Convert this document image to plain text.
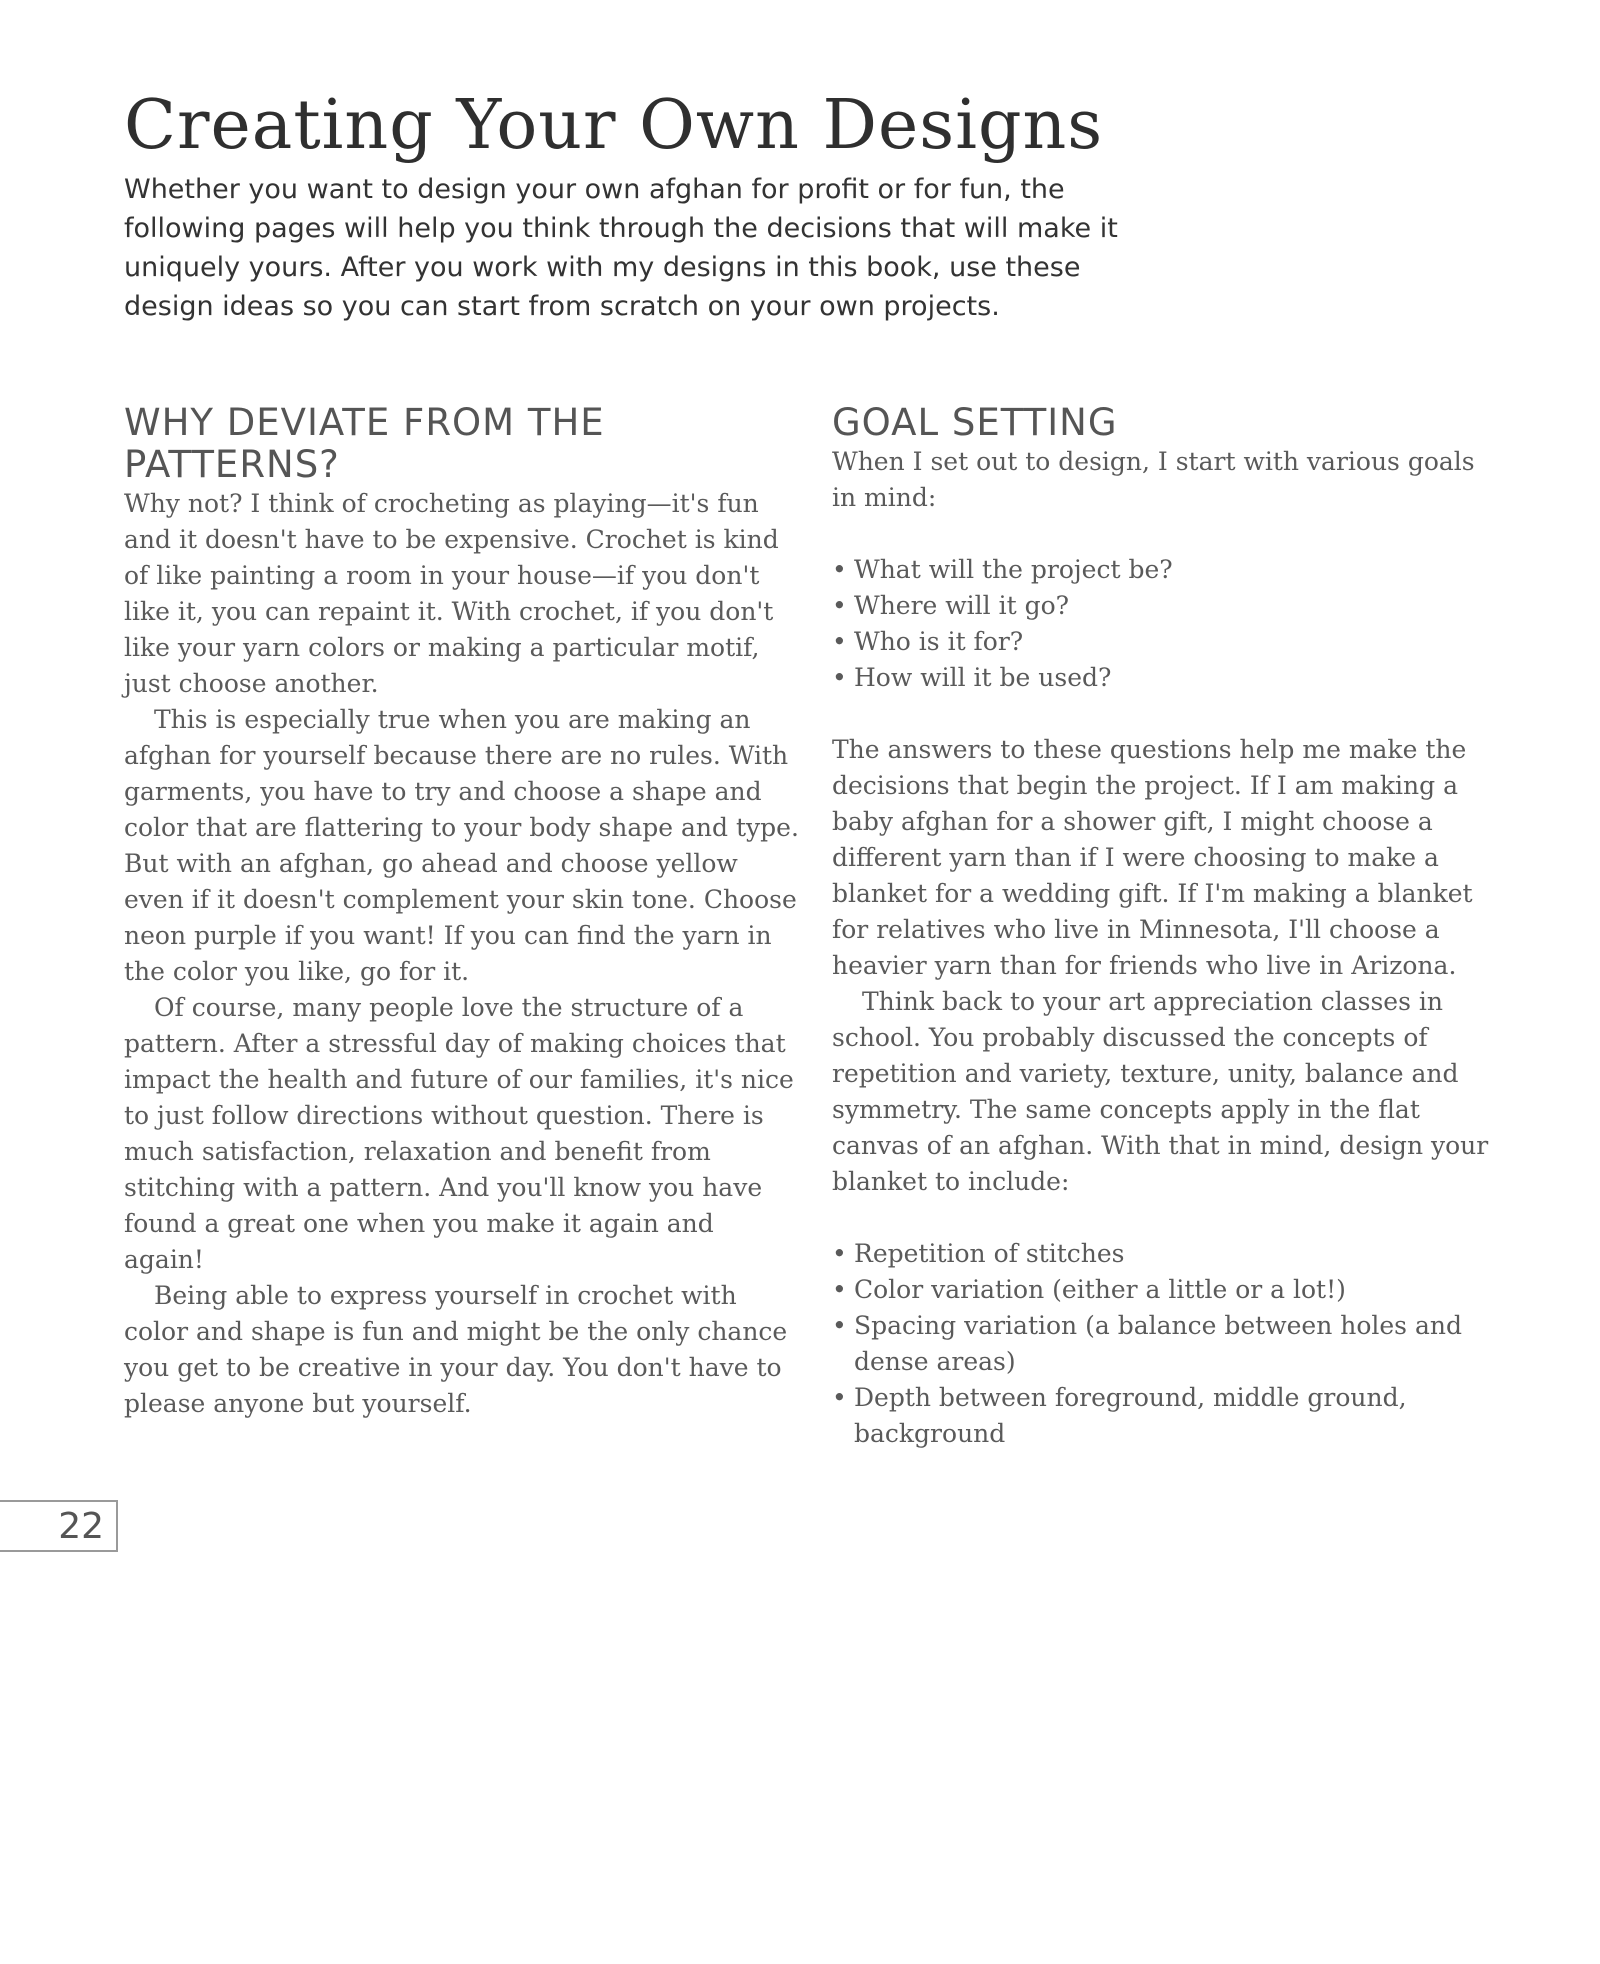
Creating Your Own Designs

Whether you want to design your own afghan for profit or for fun, the following pages will help you think through the decisions that will make it uniquely yours. After you work with my designs in this book, use these design ideas so you can start from scratch on your own projects.

WHY DEVIATE FROM THE PATTERNS?

Why not? I think of crocheting as playing—it's fun and it doesn't have to be expensive. Crochet is kind of like painting a room in your house—if you don't like it, you can repaint it. With crochet, if you don't like your yarn colors or making a particular motif, just choose another.

This is especially true when you are making an afghan for yourself because there are no rules. With garments, you have to try and choose a shape and color that are flattering to your body shape and type. But with an afghan, go ahead and choose yellow even if it doesn't complement your skin tone. Choose neon purple if you want! If you can find the yarn in the color you like, go for it.

Of course, many people love the structure of a pattern. After a stressful day of making choices that impact the health and future of our families, it's nice to just follow directions without question. There is much satisfaction, relaxation and benefit from stitching with a pattern. And you'll know you have found a great one when you make it again and again!

Being able to express yourself in crochet with color and shape is fun and might be the only chance you get to be creative in your day. You don't have to please anyone but yourself.

GOAL SETTING

When I set out to design, I start with various goals in mind:

• What will the project be?
• Where will it go?
• Who is it for?
• How will it be used?

The answers to these questions help me make the decisions that begin the project. If I am making a baby afghan for a shower gift, I might choose a different yarn than if I were choosing to make a blanket for a wedding gift. If I'm making a blanket for relatives who live in Minnesota, I'll choose a heavier yarn than for friends who live in Arizona.

Think back to your art appreciation classes in school. You probably discussed the concepts of repetition and variety, texture, unity, balance and symmetry. The same concepts apply in the flat canvas of an afghan. With that in mind, design your blanket to include:

• Repetition of stitches
• Color variation (either a little or a lot!)
• Spacing variation (a balance between holes and dense areas)
• Depth between foreground, middle ground, background
22
